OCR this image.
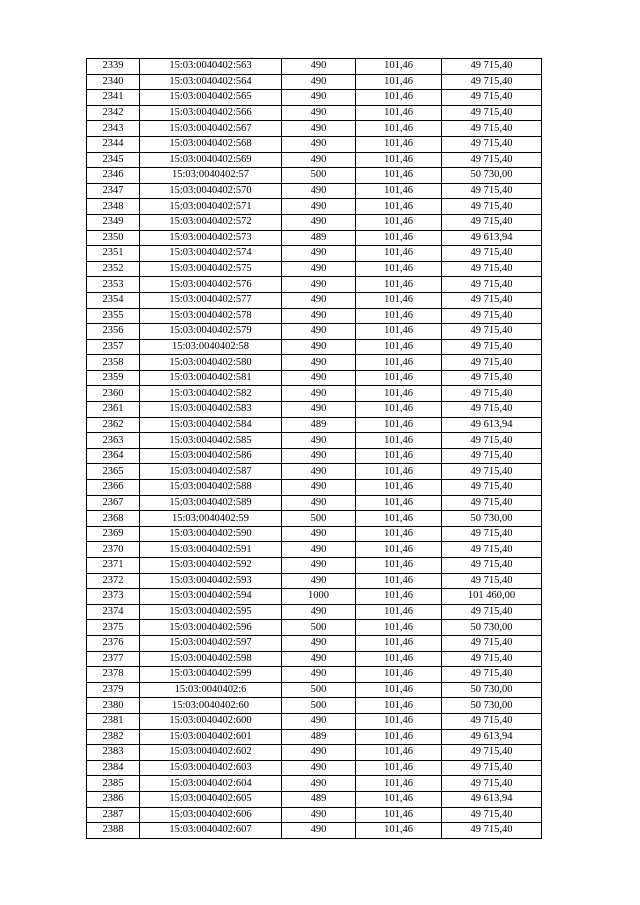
2339	15:03:0040402:563	490	101,46	49 715,40
2340	15:03:0040402:564	490	101,46	49 715,40
2341	15:03:0040402:565	490	101,46	49 715,40
2342	15:03:0040402:566	490	101,46	49 715,40
2343	15:03:0040402:567	490	101,46	49 715,40
2344	15:03:0040402:568	490	101,46	49 715,40
2345	15:03:0040402:569	490	101,46	49 715,40
2346	15:03:0040402:57	500	101,46	50 730,00
2347	15:03:0040402:570	490	101,46	49 715,40
2348	15:03:0040402:571	490	101,46	49 715,40
2349	15:03:0040402:572	490	101,46	49 715,40
2350	15:03:0040402:573	489	101,46	49 613,94
2351	15:03:0040402:574	490	101,46	49 715,40
2352	15:03:0040402:575	490	101,46	49 715,40
2353	15:03:0040402:576	490	101,46	49 715,40
2354	15:03:0040402:577	490	101,46	49 715,40
2355	15:03:0040402:578	490	101,46	49 715,40
2356	15:03:0040402:579	490	101,46	49 715,40
2357	15:03:0040402:58	490	101,46	49 715,40
2358	15:03:0040402:580	490	101,46	49 715,40
2359	15:03:0040402:581	490	101,46	49 715,40
2360	15:03:0040402:582	490	101,46	49 715,40
2361	15:03:0040402:583	490	101,46	49 715,40
2362	15:03:0040402:584	489	101,46	49 613,94
2363	15:03:0040402:585	490	101,46	49 715,40
2364	15:03:0040402:586	490	101,46	49 715,40
2365	15:03:0040402:587	490	101,46	49 715,40
2366	15:03:0040402:588	490	101,46	49 715,40
2367	15:03:0040402:589	490	101,46	49 715,40
2368	15:03:0040402:59	500	101,46	50 730,00
2369	15:03:0040402:590	490	101,46	49 715,40
2370	15:03:0040402:591	490	101,46	49 715,40
2371	15:03:0040402:592	490	101,46	49 715,40
2372	15:03:0040402:593	490	101,46	49 715,40
2373	15:03:0040402:594	1000	101,46	101 460,00
2374	15:03:0040402:595	490	101,46	49 715,40
2375	15:03:0040402:596	500	101,46	50 730,00
2376	15:03:0040402:597	490	101,46	49 715,40
2377	15:03:0040402:598	490	101,46	49 715,40
2378	15:03:0040402:599	490	101,46	49 715,40
2379	15:03:0040402:6	500	101,46	50 730,00
2380	15:03:0040402:60	500	101,46	50 730,00
2381	15:03:0040402:600	490	101,46	49 715,40
2382	15:03:0040402:601	489	101,46	49 613,94
2383	15:03:0040402:602	490	101,46	49 715,40
2384	15:03:0040402:603	490	101,46	49 715,40
2385	15:03:0040402:604	490	101,46	49 715,40
2386	15:03:0040402:605	489	101,46	49 613,94
2387	15:03:0040402:606	490	101,46	49 715,40
2388	15:03:0040402:607	490	101,46	49 715,40
